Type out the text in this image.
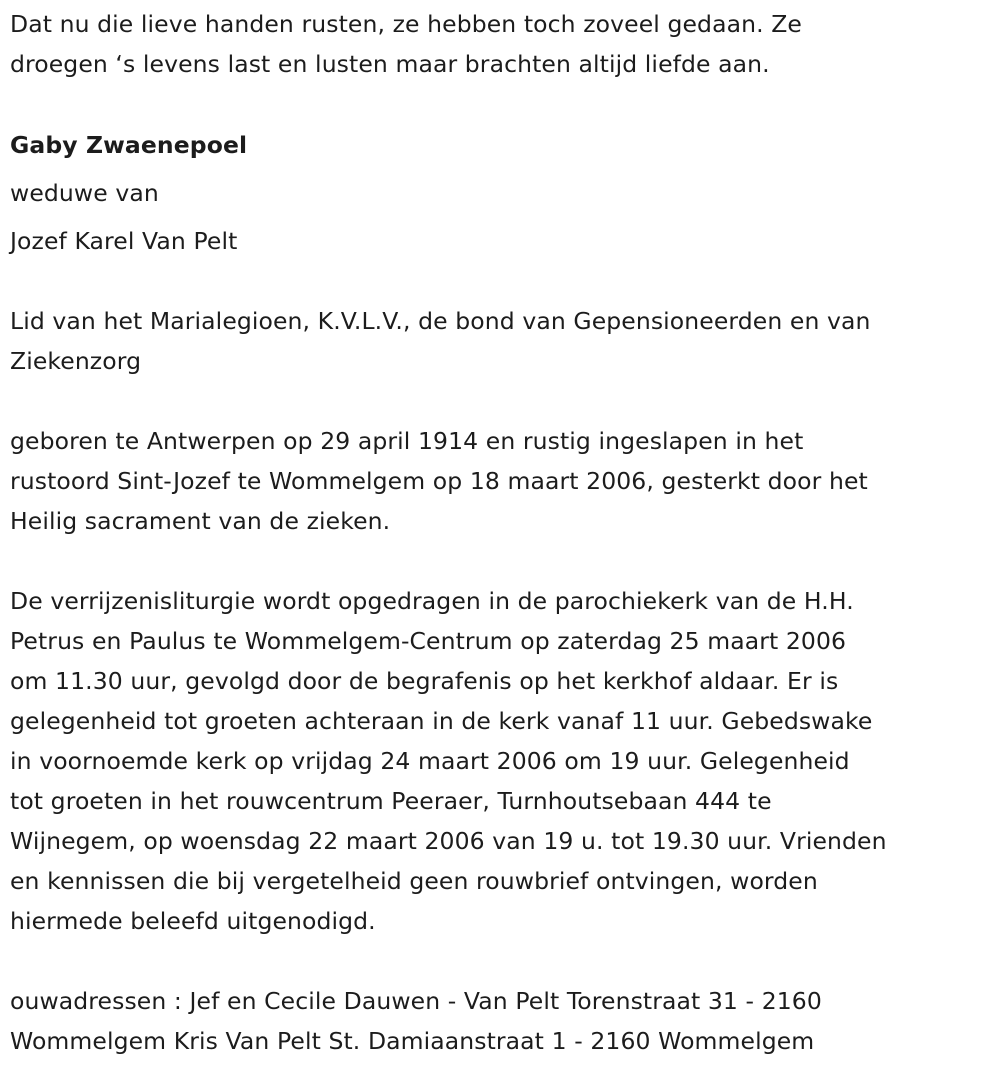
Dat nu die lieve handen rusten, ze hebben toch zoveel gedaan. Ze
droegen ‘s levens last en lusten maar brachten altijd liefde aan.

Gaby Zwaenepoel

weduwe van

Jozef Karel Van Pelt

Lid van het Marialegioen, K.V.L.V., de bond van Gepensioneerden en van
Ziekenzorg

geboren te Antwerpen op 29 april 1914 en rustig ingeslapen in het
rustoord Sint-Jozef te Wommelgem op 18 maart 2006, gesterkt door het
Heilig sacrament van de zieken.

De verrijzenisliturgie wordt opgedragen in de parochiekerk van de H.H.
Petrus en Paulus te Wommelgem-Centrum op zaterdag 25 maart 2006
om 11.30 uur, gevolgd door de begrafenis op het kerkhof aldaar. Er is
gelegenheid tot groeten achteraan in de kerk vanaf 11 uur. Gebedswake
in voornoemde kerk op vrijdag 24 maart 2006 om 19 uur. Gelegenheid
tot groeten in het rouwcentrum Peeraer, Turnhoutsebaan 444 te
Wijnegem, op woensdag 22 maart 2006 van 19 u. tot 19.30 uur. Vrienden
en kennissen die bij vergetelheid geen rouwbrief ontvingen, worden
hiermede beleefd uitgenodigd.

ouwadressen : Jef en Cecile Dauwen - Van Pelt Torenstraat 31 - 2160
Wommelgem Kris Van Pelt St. Damiaanstraat 1 - 2160 Wommelgem
